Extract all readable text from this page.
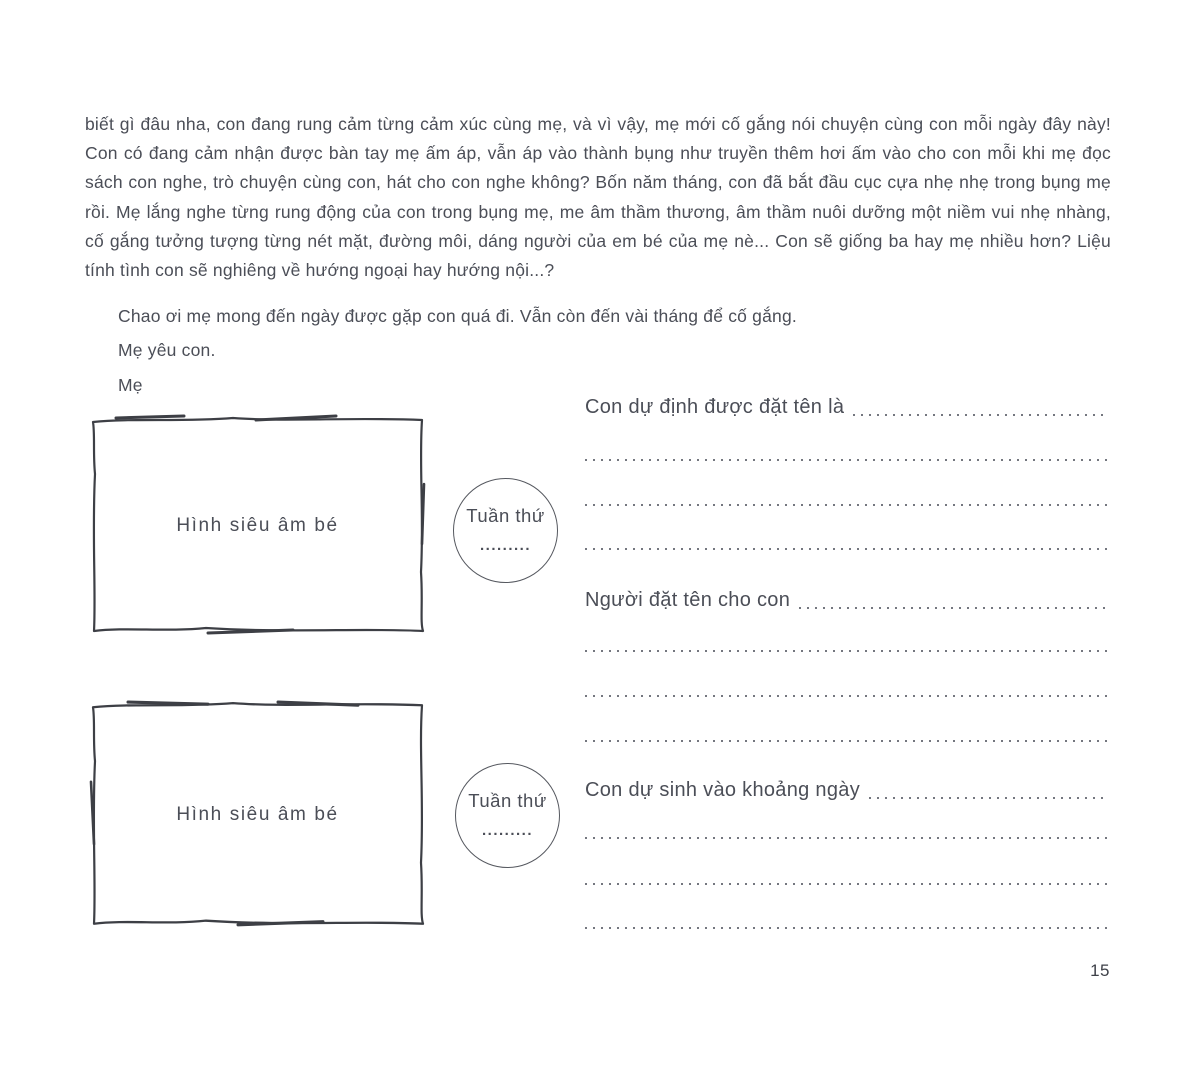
biết gì đâu nha, con đang rung cảm từng cảm xúc cùng mẹ, và vì vậy, mẹ mới cố gắng nói chuyện cùng con mỗi ngày đây này! Con có đang cảm nhận được bàn tay mẹ ấm áp, vẫn áp vào thành bụng như truyền thêm hơi ấm vào cho con mỗi khi mẹ đọc sách con nghe, trò chuyện cùng con, hát cho con nghe không? Bốn năm tháng, con đã bắt đầu cục cựa nhẹ nhẹ trong bụng mẹ rồi. Mẹ lắng nghe từng rung động của con trong bụng mẹ, me âm thầm thương, âm thầm nuôi dưỡng một niềm vui nhẹ nhàng, cố gắng tưởng tượng từng nét mặt, đường môi, dáng người của em bé của mẹ nè... Con sẽ giống ba hay mẹ nhiều hơn? Liệu tính tình con sẽ nghiêng về hướng ngoại hay hướng nội...?

Chao ơi mẹ mong đến ngày được gặp con quá đi. Vẫn còn đến vài tháng để cố gắng.

Mẹ yêu con.

Mẹ

Hình siêu âm bé	Tuần thứ
.........
Hình siêu âm bé
Tuần thứ
.........
Con dự định được đặt tên là
Người đặt tên cho con
Con dự sinh vào khoảng ngày
15
